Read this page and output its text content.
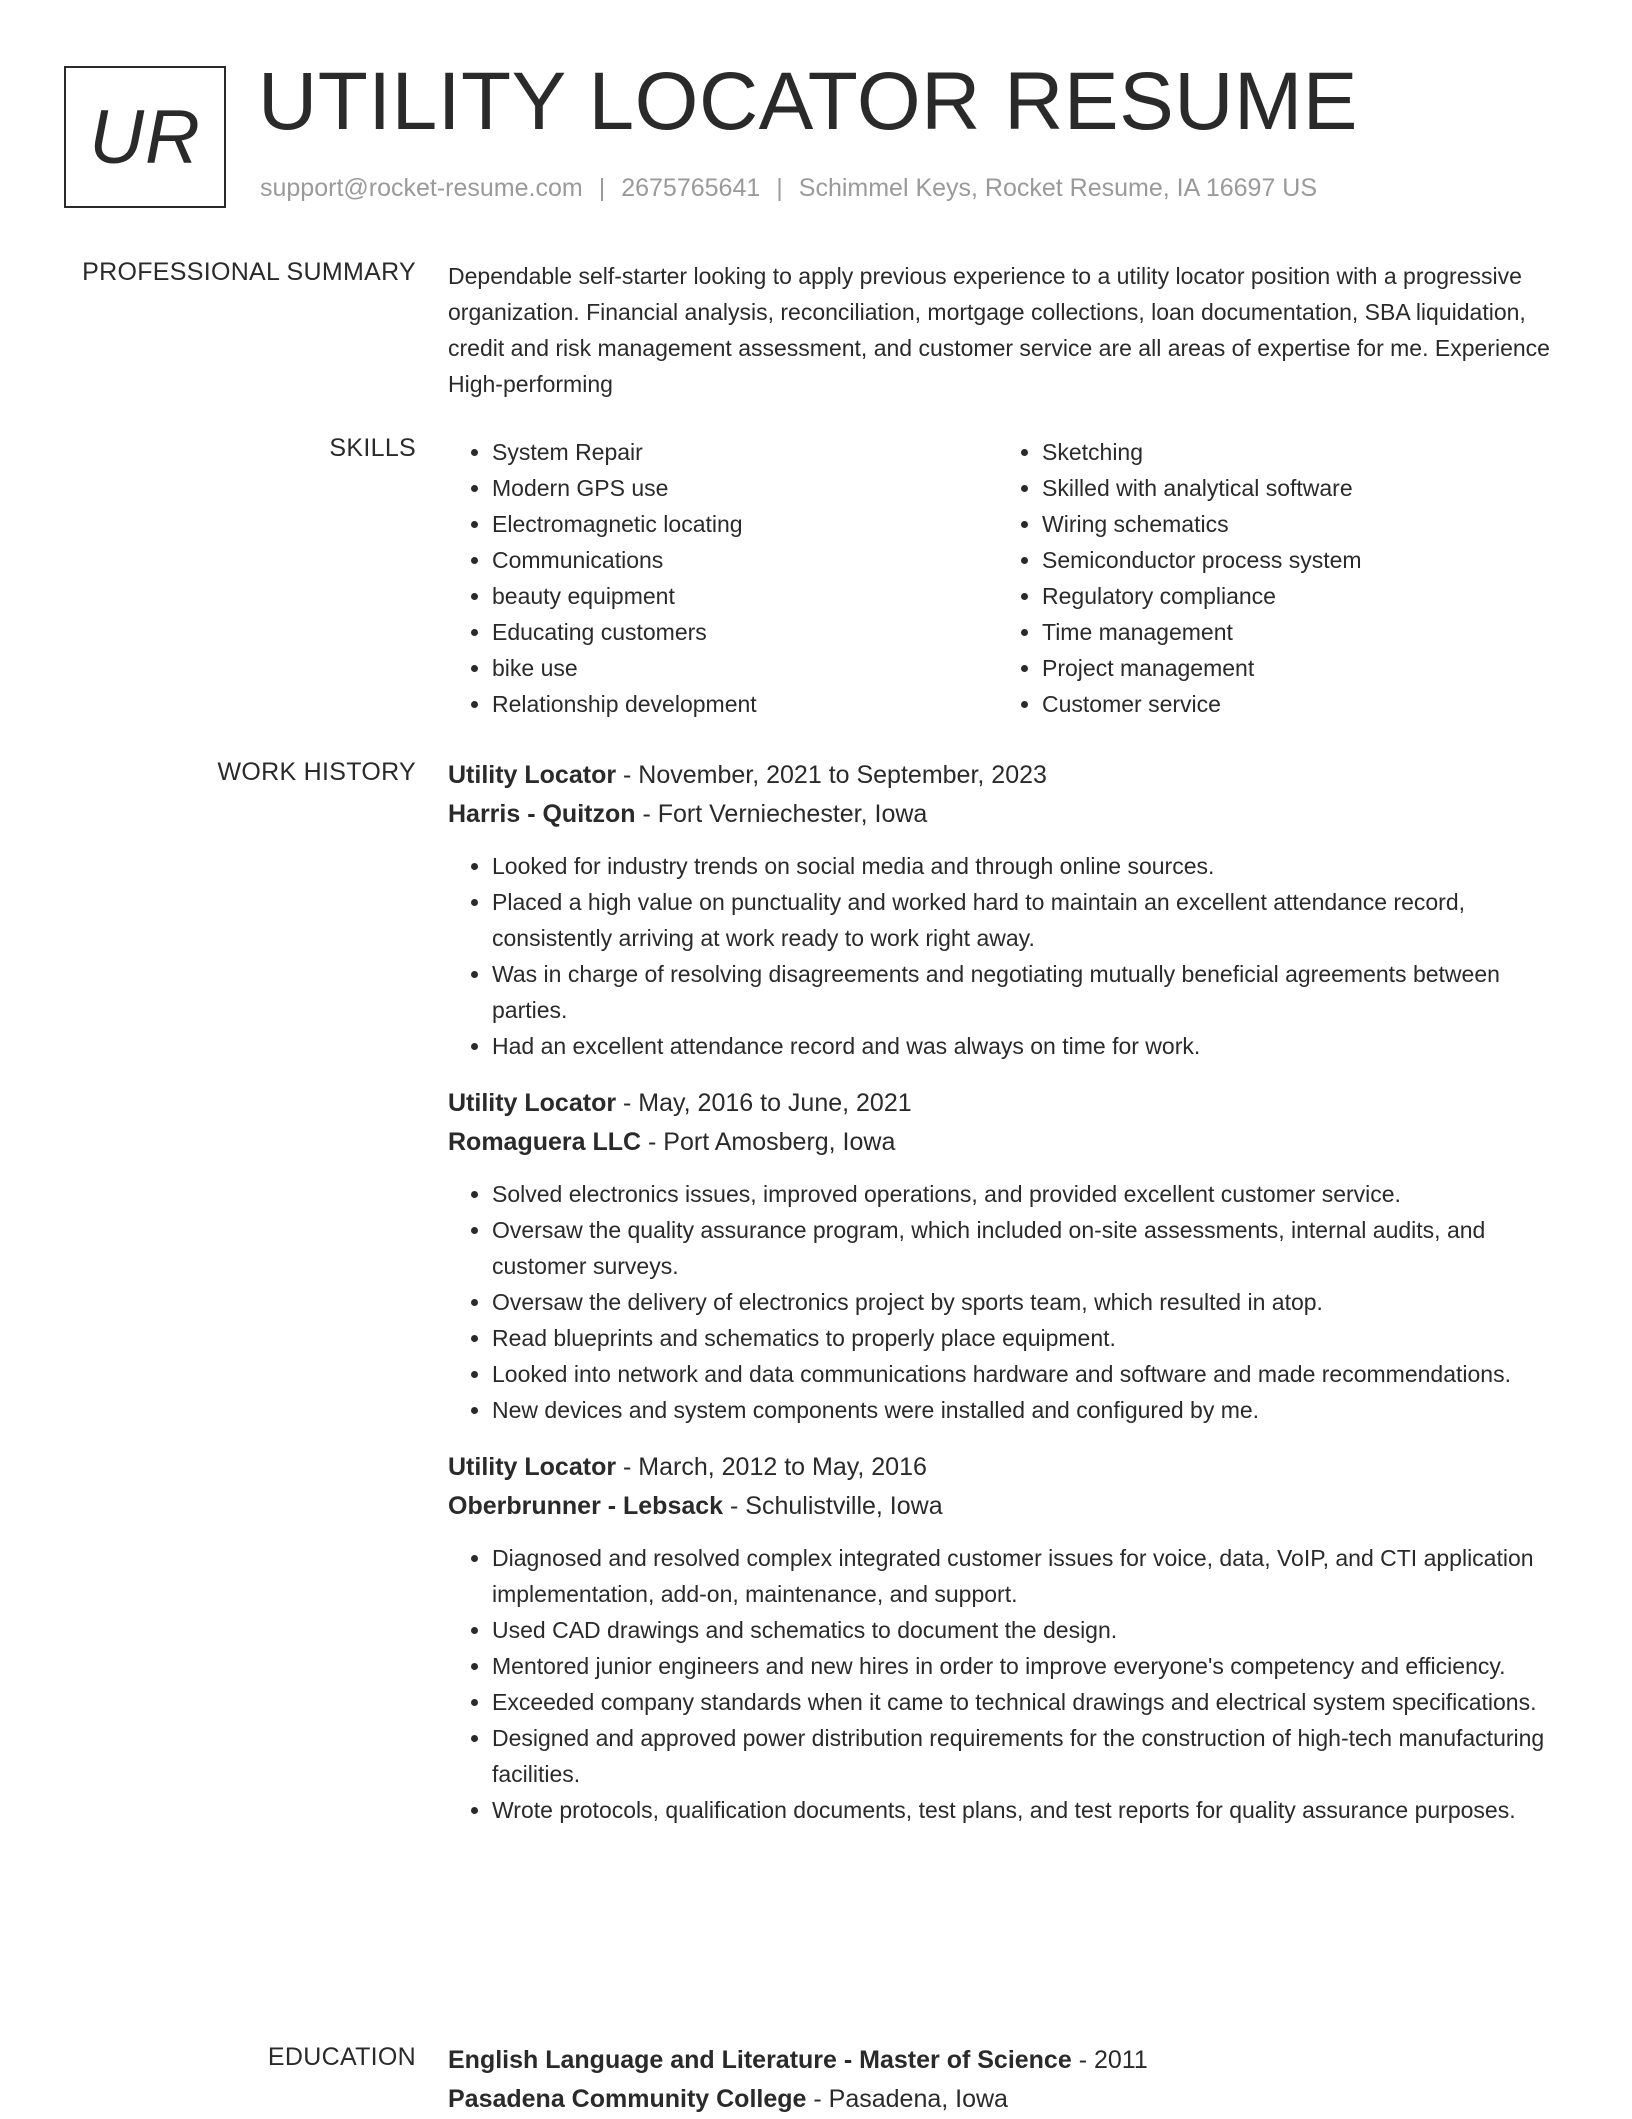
UR UTILITY LOCATOR RESUME
support@rocket-resume.com | 2675765641 | Schimmel Keys, Rocket Resume, IA 16697 US
PROFESSIONAL SUMMARY Dependable self-starter looking to apply previous experience to a utility locator position with a progressive organization. Financial analysis, reconciliation, mortgage collections, loan documentation, SBA liquidation, credit and risk management assessment, and customer service are all areas of expertise for me. Experience High-performing
SKILLS
•	System Repair
• Modern GPS use
• Electromagnetic locating
• Communications
• beauty equipment
• Educating customers
• bike use
• Relationship development
• Sketching
• Skilled with analytical software
• Wiring schematics
• Semiconductor process system
• Regulatory compliance
• Time management
• Project management
• Customer service
WORK HISTORY Utility Locator - November, 2021 to September, 2023
Harris - Quitzon - Fort Verniechester, Iowa
• Looked for industry trends on social media and through online sources.
• Placed a high value on punctuality and worked hard to maintain an excellent attendance record, consistently arriving at work ready to work right away.
• Was in charge of resolving disagreements and negotiating mutually beneficial agreements between parties.
• Had an excellent attendance record and was always on time for work.
Utility Locator - May, 2016 to June, 2021
Romaguera LLC - Port Amosberg, Iowa
• Solved electronics issues, improved operations, and provided excellent customer service.
• Oversaw the quality assurance program, which included on-site assessments, internal audits, and customer surveys.
• Oversaw the delivery of electronics project by sports team, which resulted in atop.
• Read blueprints and schematics to properly place equipment.
• Looked into network and data communications hardware and software and made recommendations.
• New devices and system components were installed and configured by me.
Utility Locator - March, 2012 to May, 2016
Oberbrunner - Lebsack - Schulistville, Iowa
• Diagnosed and resolved complex integrated customer issues for voice, data, VoIP, and CTI application implementation, add-on, maintenance, and support.
• Used CAD drawings and schematics to document the design.
• Mentored junior engineers and new hires in order to improve everyone's competency and efficiency.
• Exceeded company standards when it came to technical drawings and electrical system specifications.
• Designed and approved power distribution requirements for the construction of high-tech manufacturing facilities.
• Wrote protocols, qualification documents, test plans, and test reports for quality assurance purposes.
EDUCATION English Language and Literature - Master of Science - 2011
Pasadena Community College - Pasadena, Iowa
